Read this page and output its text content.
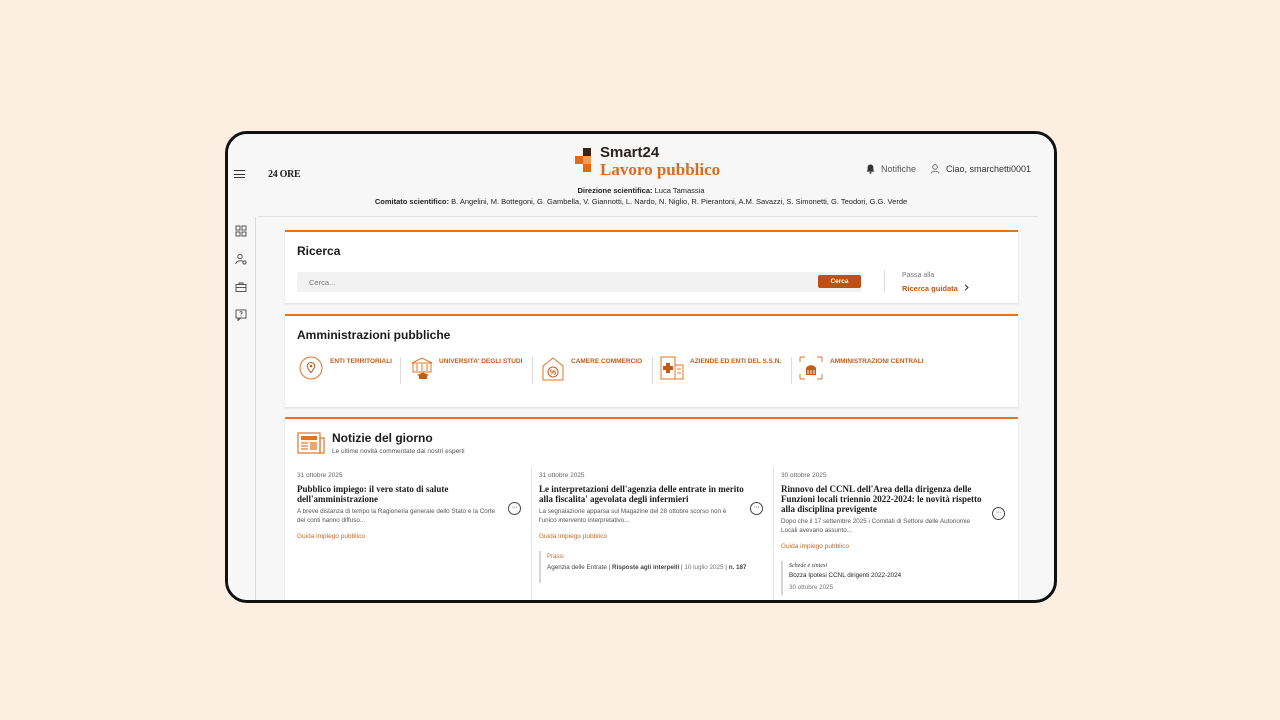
24 ORE
Smart24
Lavoro pubblico	Notifiche	Ciao, smarchetti0001
Direzione scientifica: Luca Tamassia
Comitato scientifico: B. Angelini, M. Bottegoni, G. Gambella, V. Giannotti, L. Nardo, N. Niglio, R. Pierantoni, A.M. Savazzi, S. Simonetti, G. Teodori, G.G. Verde
Ricerca
Cerca...
Cerca
Passa alla
Ricerca guidata
Amministrazioni pubbliche
ENTI TERRITORIALI	UNIVERSITA' DEGLI STUDI
%
CAMERE COMMERCIO	AZIENDE ED ENTI DEL S.S.N.	AMMINISTRAZIONI CENTRALI
Notizie del giorno
Le ultime novità commentate dai nostri esperti
31 ottobre 2025
Pubblico impiego: il vero stato di salute dell'amministrazione
A breve distanza di tempo la Ragioneria generale dello Stato e la Corte dei conti hanno diffuso...
Guida impiego pubblico
···
31 ottobre 2025
Le interpretazioni dell'agenzia delle entrate in merito alla fiscalita' agevolata degli infermieri
La segnalazione apparsa sul Magazine del 28 ottobre scorso non è l'unico intervento interpretativo...
Guida impiego pubblico
···
Prassi
Agenzia delle Entrate | Risposte agli interpelli | 10 luglio 2025 | n. 187
30 ottobre 2025
Rinnovo del CCNL dell'Area della dirigenza delle Funzioni locali triennio 2022-2024: le novità rispetto alla disciplina previgente
Dopo che il 17 settembre 2025 i Comitati di Settore delle Autonomie Locali avevano assunto...
Guida impiego pubblico
···
Schede e sintesi
Bozza Ipotesi CCNL dirigenti 2022-2024
30 ottobre 2025
